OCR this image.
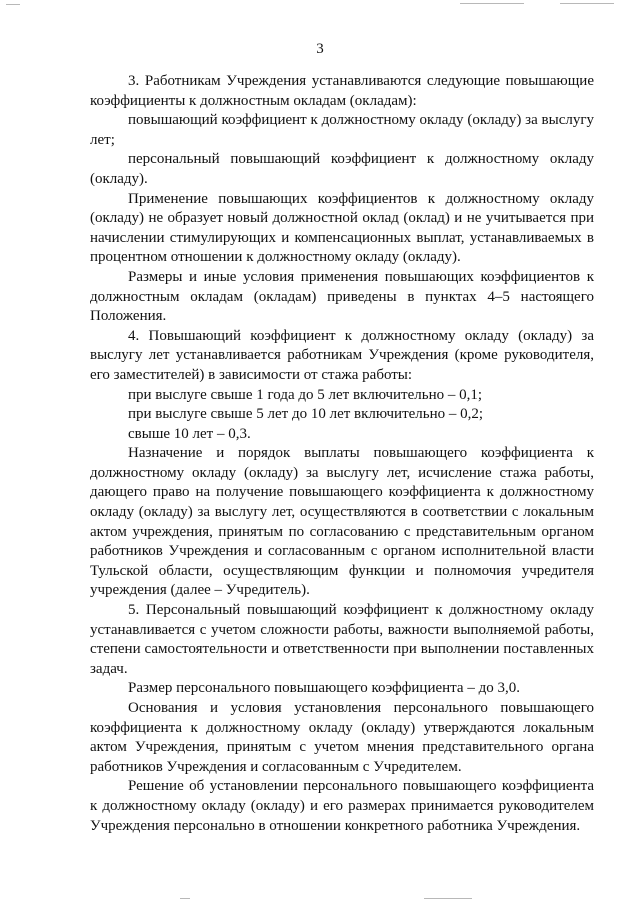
3

3. Работникам Учреждения устанавливаются следующие повышающие коэффициенты к должностным окладам (окладам):

повышающий коэффициент к должностному окладу (окладу) за выслугу лет;

персональный повышающий коэффициент к должностному окладу (окладу).

Применение повышающих коэффициентов к должностному окладу (окладу) не образует новый должностной оклад (оклад) и не учитывается при начислении стимулирующих и компенсационных выплат, устанавливаемых в процентном отношении к должностному окладу (окладу).

Размеры и иные условия применения повышающих коэффициентов к должностным окладам (окладам) приведены в пунктах 4–5 настоящего Положения.

4. Повышающий коэффициент к должностному окладу (окладу) за выслугу лет устанавливается работникам Учреждения (кроме руководителя, его заместителей) в зависимости от стажа работы:

при выслуге свыше 1 года до 5 лет включительно – 0,1;

при выслуге свыше 5 лет до 10 лет включительно – 0,2;

свыше 10 лет – 0,3.

Назначение и порядок выплаты повышающего коэффициента к должностному окладу (окладу) за выслугу лет, исчисление стажа работы, дающего право на получение повышающего коэффициента к должностному окладу (окладу) за выслугу лет, осуществляются в соответствии с локальным актом учреждения, принятым по согласованию с представительным органом работников Учреждения и согласованным с органом исполнительной власти Тульской области, осуществляющим функции и полномочия учредителя учреждения (далее – Учредитель).

5. Персональный повышающий коэффициент к должностному окладу устанавливается с учетом сложности работы, важности выполняемой работы, степени самостоятельности и ответственности при выполнении поставленных задач.

Размер персонального повышающего коэффициента – до 3,0.

Основания и условия установления персонального повышающего коэффициента к должностному окладу (окладу) утверждаются локальным актом Учреждения, принятым с учетом мнения представительного органа работников Учреждения и согласованным с Учредителем.

Решение об установлении персонального повышающего коэффициента к должностному окладу (окладу) и его размерах принимается руководителем Учреждения персонально в отношении конкретного работника Учреждения.
